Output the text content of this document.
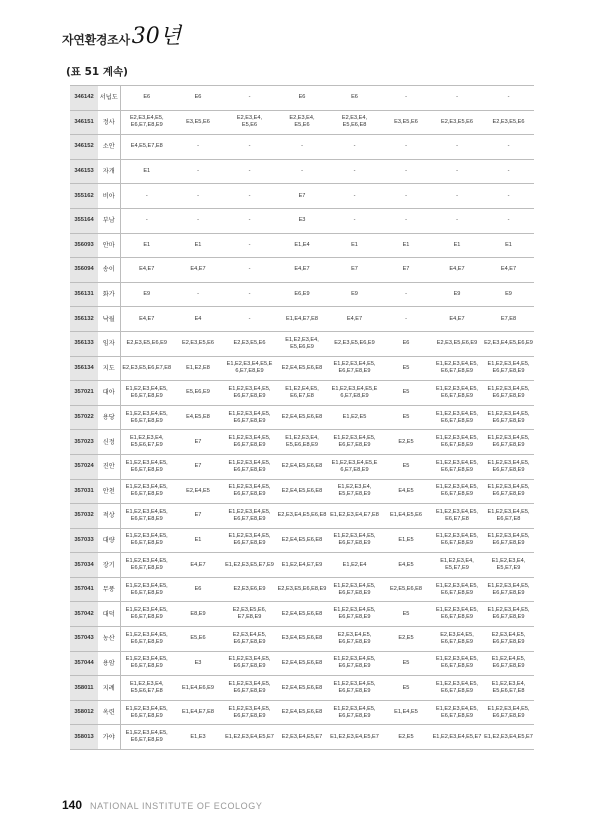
자연환경조사 30년
(표 51 계속)
346142	서넙도	E6	E6	-	E6	E6	-	-	-
346151	정사	E2,E3,E4,E5,
E6,E7,E8,E9	E3,E5,E6	E2,E3,E4,
E5,E6	E2,E3,E4,
E5,E6	E2,E3,E4,
E5,E6,E8	E3,E5,E6	E2,E3,E5,E6	E2,E3,E5,E6
346152	소안	E4,E5,E7,E8	-	-	-	-	-	-	-
346153	자개	E1	-	-	-	-	-	-	-
355162	비아	-	-	-	E7	-	-	-	-
355164	부남	-	-	-	E3	-	-	-	-
356093	안마	E1	E1	-	E1,E4	E1	E1	E1	E1
356094	송이	E4,E7	E4,E7	-	E4,E7	E7	E7	E4,E7	E4,E7
356131	화가	E9	-	-	E6,E9	E9	-	E9	E9
356132	낙월	E4,E7	E4	-	E1,E4,E7,E8	E4,E7	-	E4,E7	E7,E8
356133	임자	E2,E3,E5,E6,E9	E2,E3,E5,E6	E2,E3,E5,E6	E1,E2,E3,E4,
E5,E6,E9	E2,E3,E5,E6,E9	E6	E2,E3,E5,E6,E9	E2,E3,E4,E5,E6,E9
356134	지도	E2,E3,E5,E6,E7,E8	E1,E2,E8	E1,E2,E3,E4,E5,E
6,E7,E8,E9	E2,E4,E5,E6,E8	E1,E2,E3,E4,E5,
E6,E7,E8,E9	E5	E1,E2,E3,E4,E5,
E6,E7,E8,E9	E1,E2,E3,E4,E5,
E6,E7,E8,E9
357021	대아	E1,E2,E3,E4,E5,
E6,E7,E8,E9	E5,E6,E9	E1,E2,E3,E4,E5,
E6,E7,E8,E9	E1,E2,E4,E5,
E6,E7,E8	E1,E2,E3,E4,E5,E
6,E7,E8,E9	E5	E1,E2,E3,E4,E5,
E6,E7,E8,E9	E1,E2,E3,E4,E5,
E6,E7,E8,E9
357022	용당	E1,E2,E3,E4,E5,
E6,E7,E8,E9	E4,E5,E8	E1,E2,E3,E4,E5,
E6,E7,E8,E9	E2,E4,E5,E6,E8	E1,E2,E5	E5	E1,E2,E3,E4,E5,
E6,E7,E8,E9	E1,E2,E3,E4,E5,
E6,E7,E8,E9
357023	신정	E1,E2,E3,E4,
E5,E6,E7,E9	E7	E1,E2,E3,E4,E5,
E6,E7,E8,E9	E1,E2,E3,E4,
E5,E6,E8,E9	E1,E2,E3,E4,E5,
E6,E7,E8,E9	E2,E5	E1,E2,E3,E4,E5,
E6,E7,E8,E9	E1,E2,E3,E4,E5,
E6,E7,E8,E9
357024	진안	E1,E2,E3,E4,E5,
E6,E7,E8,E9	E7	E1,E2,E3,E4,E5,
E6,E7,E8,E9	E2,E4,E5,E6,E8	E1,E2,E3,E4,E5,E
6,E7,E8,E9	E5	E1,E2,E3,E4,E5,
E6,E7,E8,E9	E1,E2,E3,E4,E5,
E6,E7,E8,E9
357031	안천	E1,E2,E3,E4,E5,
E6,E7,E8,E9	E2,E4,E5	E1,E2,E3,E4,E5,
E6,E7,E8,E9	E2,E4,E5,E6,E8	E1,E2,E3,E4,
E5,E7,E8,E9	E4,E5	E1,E2,E3,E4,E5,
E6,E7,E8,E9	E1,E2,E3,E4,E5,
E6,E7,E8,E9
357032	적상	E1,E2,E3,E4,E5,
E6,E7,E8,E9	E7	E1,E2,E3,E4,E5,
E6,E7,E8,E9	E2,E3,E4,E5,E6,E8	E1,E2,E3,E4,E7,E8	E1,E4,E5,E6	E1,E2,E3,E4,E5,
E6,E7,E8	E1,E2,E3,E4,E5,
E6,E7,E8
357033	대량	E1,E2,E3,E4,E5,
E6,E7,E8,E9	E1	E1,E2,E3,E4,E5,
E6,E7,E8,E9	E2,E4,E5,E6,E8	E1,E2,E3,E4,E5,
E6,E7,E8,E9	E1,E5	E1,E2,E3,E4,E5,
E6,E7,E8,E9	E1,E2,E3,E4,E5,
E6,E7,E8,E9
357034	장기	E1,E2,E3,E4,E5,
E6,E7,E8,E9	E4,E7	E1,E2,E3,E5,E7,E9	E1,E2,E4,E7,E9	E1,E2,E4	E4,E5	E1,E2,E3,E4,
E5,E7,E9	E1,E2,E3,E4,
E5,E7,E9
357041	무풍	E1,E2,E3,E4,E5,
E6,E7,E8,E9	E6	E2,E3,E6,E9	E2,E3,E5,E6,E8,E9	E1,E2,E3,E4,E5,
E6,E7,E8,E9	E2,E5,E6,E8	E1,E2,E3,E4,E5,
E6,E7,E8,E9	E1,E2,E3,E4,E5,
E6,E7,E8,E9
357042	대덕	E1,E2,E3,E4,E5,
E6,E7,E8,E9	E8,E9	E2,E3,E5,E6,
E7,E8,E9	E2,E4,E5,E6,E8	E1,E2,E3,E4,E5,
E6,E7,E8,E9	E5	E1,E2,E3,E4,E5,
E6,E7,E8,E9	E1,E2,E3,E4,E5,
E6,E7,E8,E9
357043	농산	E1,E2,E3,E4,E5,
E6,E7,E8,E9	E5,E6	E2,E3,E4,E5,
E6,E7,E8,E9	E3,E4,E5,E6,E8	E2,E3,E4,E5,
E6,E7,E8,E9	E2,E5	E2,E3,E4,E5,
E6,E7,E8,E9	E2,E3,E4,E5,
E6,E7,E8,E9
357044	용암	E1,E2,E3,E4,E5,
E6,E7,E8,E9	E3	E1,E2,E3,E4,E5,
E6,E7,E8,E9	E2,E4,E5,E6,E8	E1,E2,E3,E4,E5,
E6,E7,E8,E9	E5	E1,E2,E3,E4,E5,
E6,E7,E8,E9	E1,E2,E4,E5,
E6,E7,E8,E9
358011	지례	E1,E2,E3,E4,
E5,E6,E7,E8	E1,E4,E6,E9	E1,E2,E3,E4,E5,
E6,E7,E8,E9	E2,E4,E5,E6,E8	E1,E2,E3,E4,E5,
E6,E7,E8,E9	E5	E1,E2,E3,E4,E5,
E6,E7,E8,E9	E1,E2,E3,E4,
E5,E6,E7,E8
358012	옥련	E1,E2,E3,E4,E5,
E6,E7,E8,E9	E1,E4,E7,E8	E1,E2,E3,E4,E5,
E6,E7,E8,E9	E2,E4,E5,E6,E8	E1,E2,E3,E4,E5,
E6,E7,E8,E9	E1,E4,E5	E1,E2,E3,E4,E5,
E6,E7,E8,E9	E1,E2,E3,E4,E5,
E6,E7,E8,E9
358013	가야	E1,E2,E3,E4,E5,
E6,E7,E8,E9	E1,E3	E1,E2,E3,E4,E5,E7	E2,E3,E4,E5,E7	E1,E2,E3,E4,E5,E7	E2,E5	E1,E2,E3,E4,E5,E7	E1,E2,E3,E4,E5,E7
140 NATIONAL INSTITUTE OF ECOLOGY
